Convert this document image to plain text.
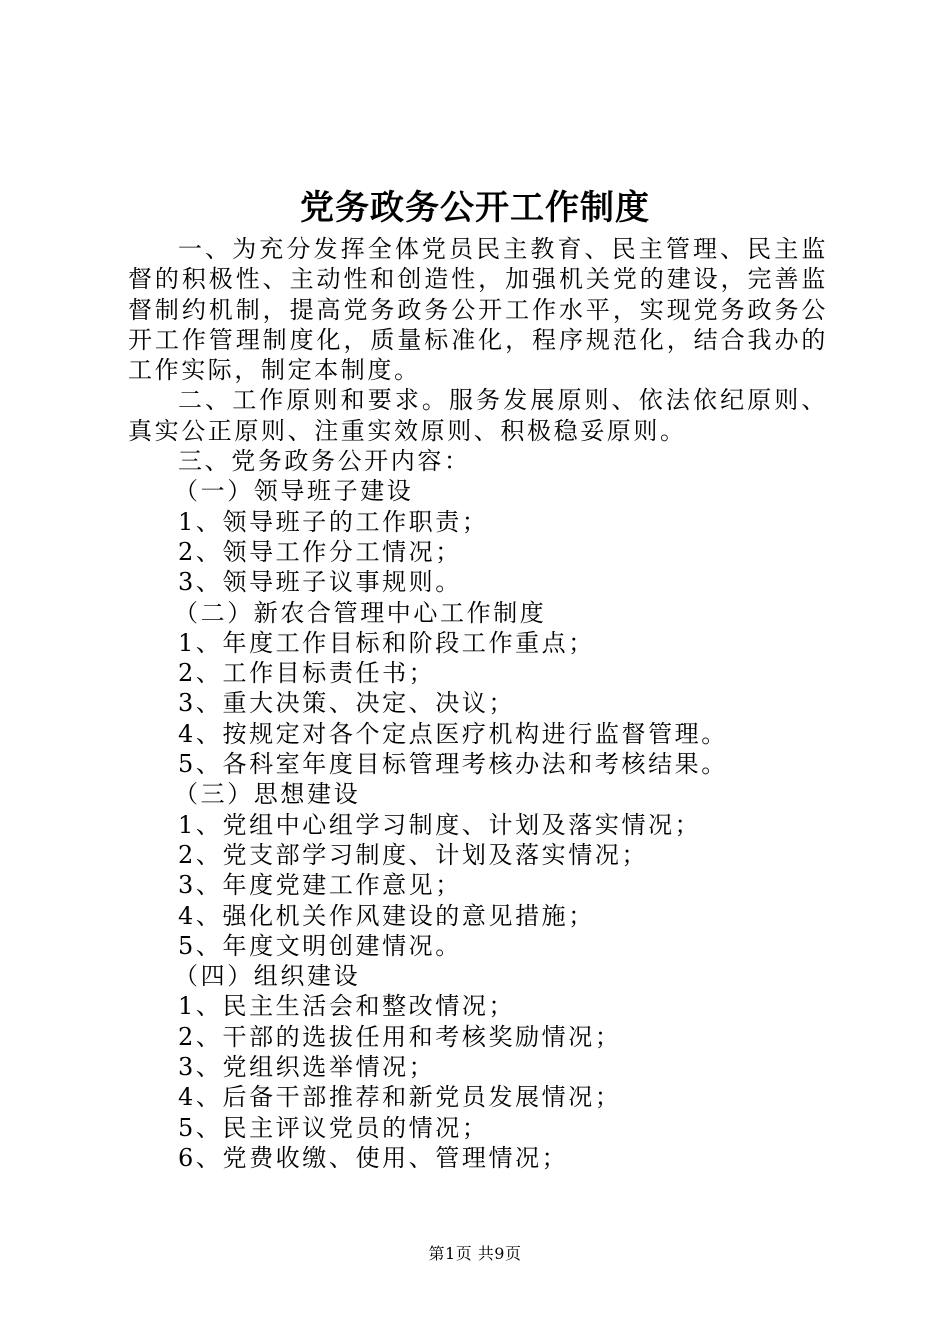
党务政务公开工作制度

一、为充分发挥全体党员民主教育、民主管理、民主监督的积极性、主动性和创造性，加强机关党的建设，完善监督制约机制，提高党务政务公开工作水平，实现党务政务公开工作管理制度化，质量标准化，程序规范化，结合我办的工作实际，制定本制度。

二、工作原则和要求。服务发展原则、依法依纪原则、真实公正原则、注重实效原则、积极稳妥原则。

三、党务政务公开内容：

（一）领导班子建设

1、领导班子的工作职责；

2、领导工作分工情况；

3、领导班子议事规则。

（二）新农合管理中心工作制度

1、年度工作目标和阶段工作重点；

2、工作目标责任书；

3、重大决策、决定、决议；

4、按规定对各个定点医疗机构进行监督管理。

5、各科室年度目标管理考核办法和考核结果。

（三）思想建设

1、党组中心组学习制度、计划及落实情况；

2、党支部学习制度、计划及落实情况；

3、年度党建工作意见；

4、强化机关作风建设的意见措施；

5、年度文明创建情况。

（四）组织建设

1、民主生活会和整改情况；

2、干部的选拔任用和考核奖励情况；

3、党组织选举情况；

4、后备干部推荐和新党员发展情况；

5、民主评议党员的情况；

6、党费收缴、使用、管理情况；

第1页 共9页
